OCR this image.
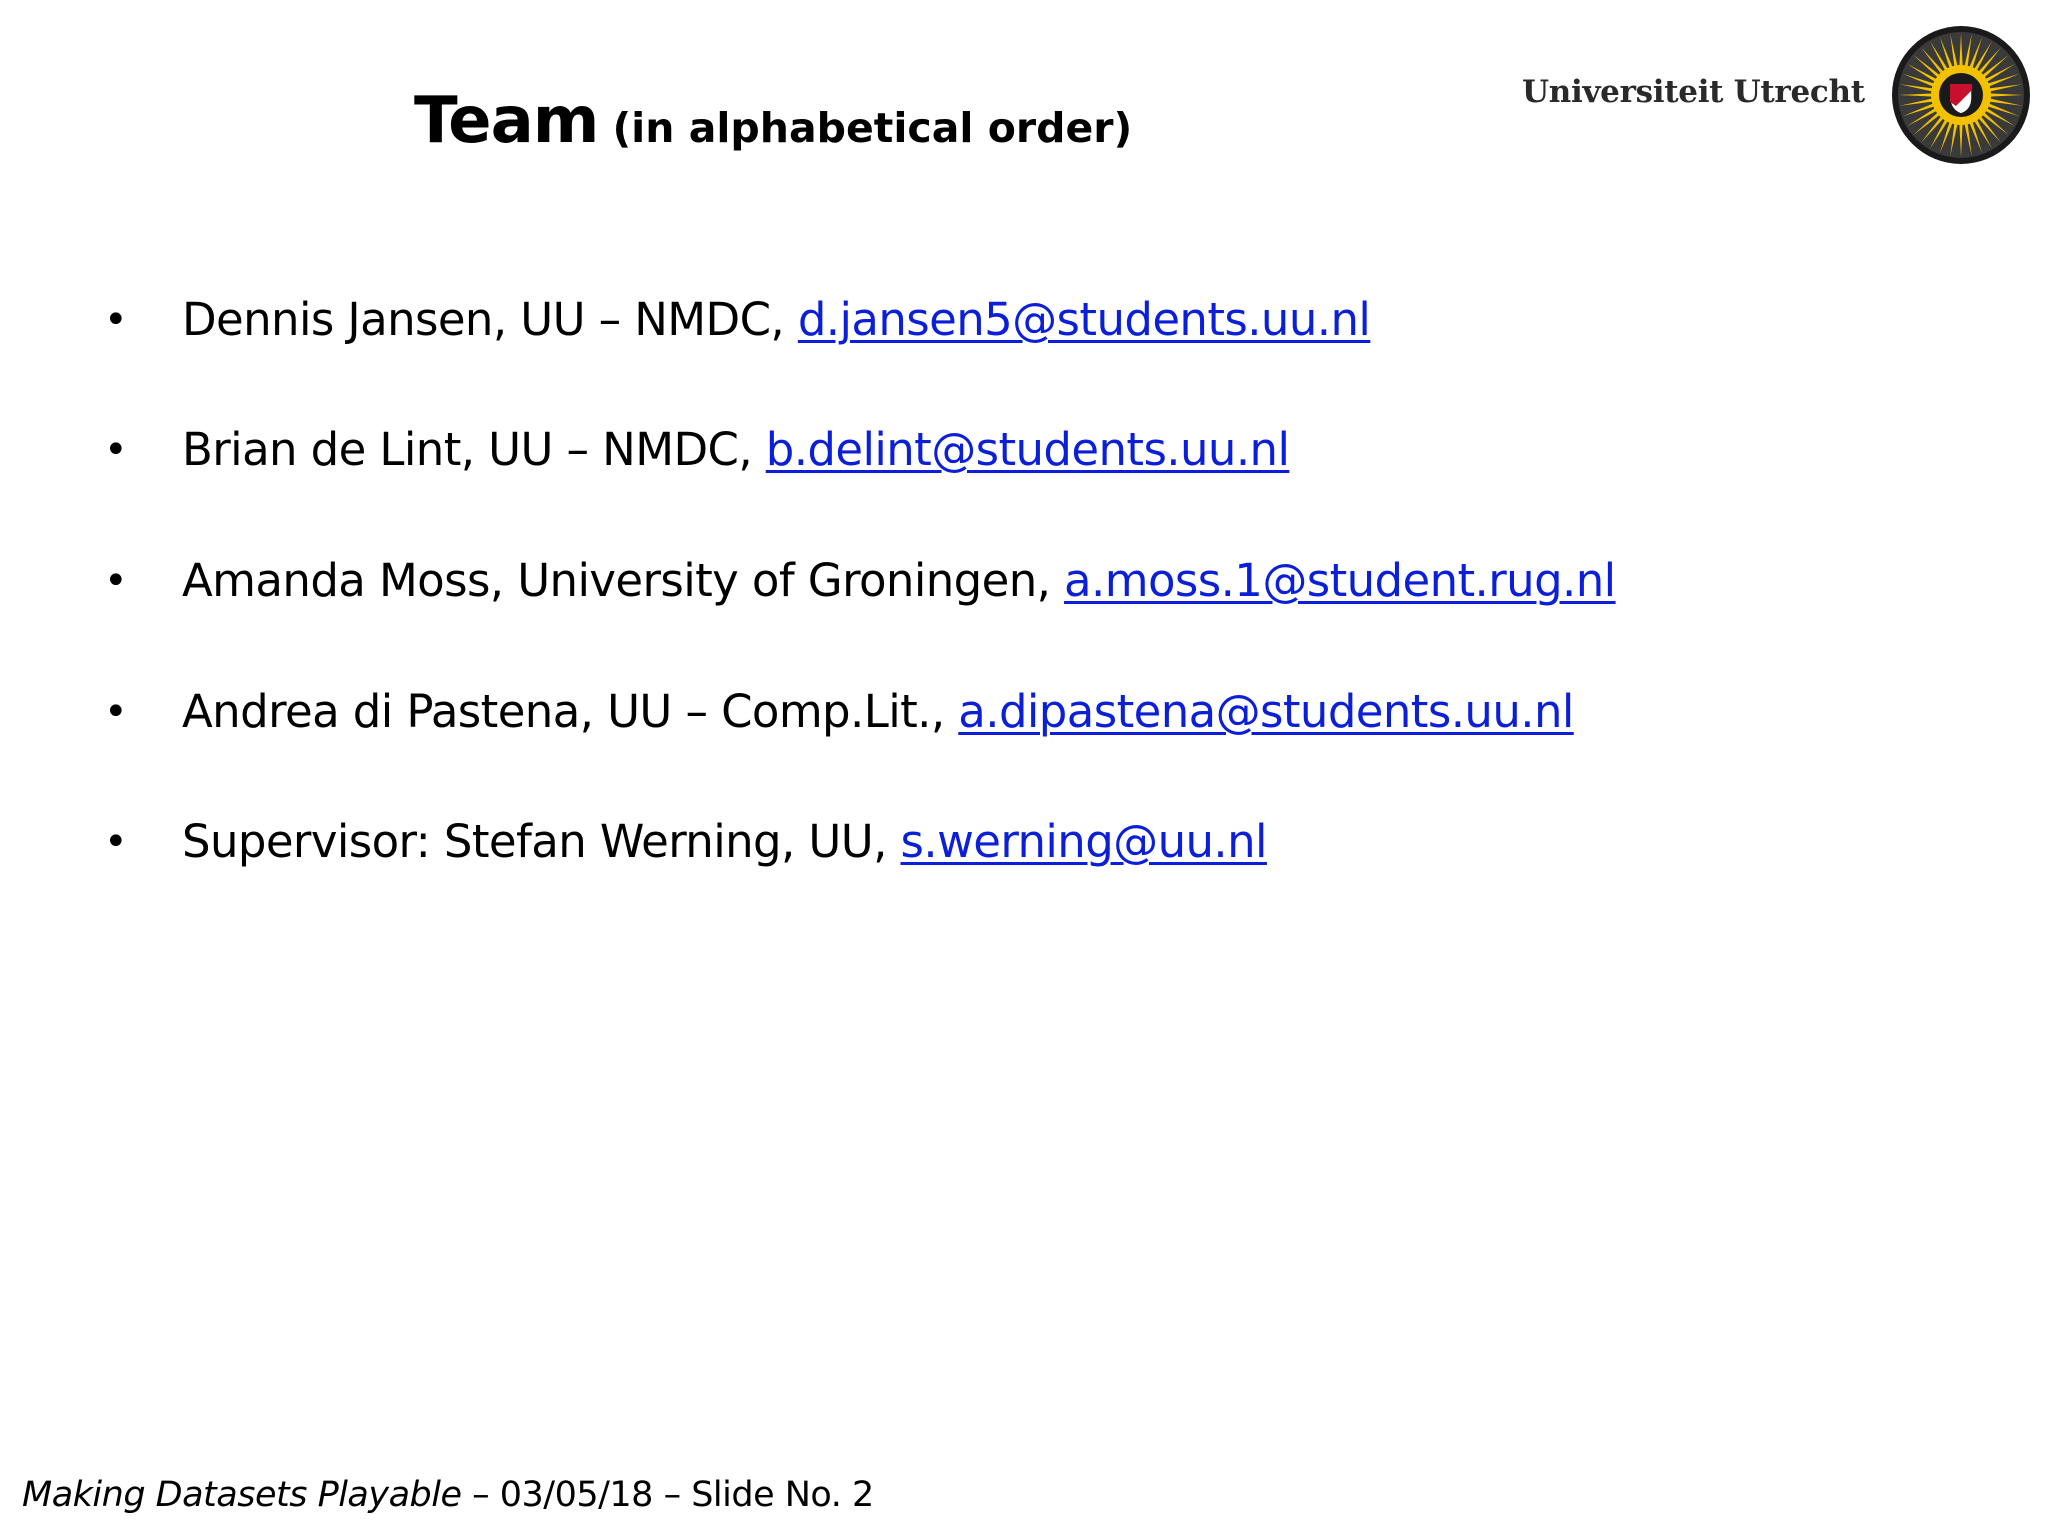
Team (in alphabetical order)
Universiteit Utrecht
• Dennis Jansen, UU – NMDC, d.jansen5@students.uu.nl
• Brian de Lint, UU – NMDC, b.delint@students.uu.nl
• Amanda Moss, University of Groningen, a.moss.1@student.rug.nl
• Andrea di Pastena, UU – Comp.Lit., a.dipastena@students.uu.nl
• Supervisor: Stefan Werning, UU, s.werning@uu.nl
Making Datasets Playable – 03/05/18 – Slide No. 2
